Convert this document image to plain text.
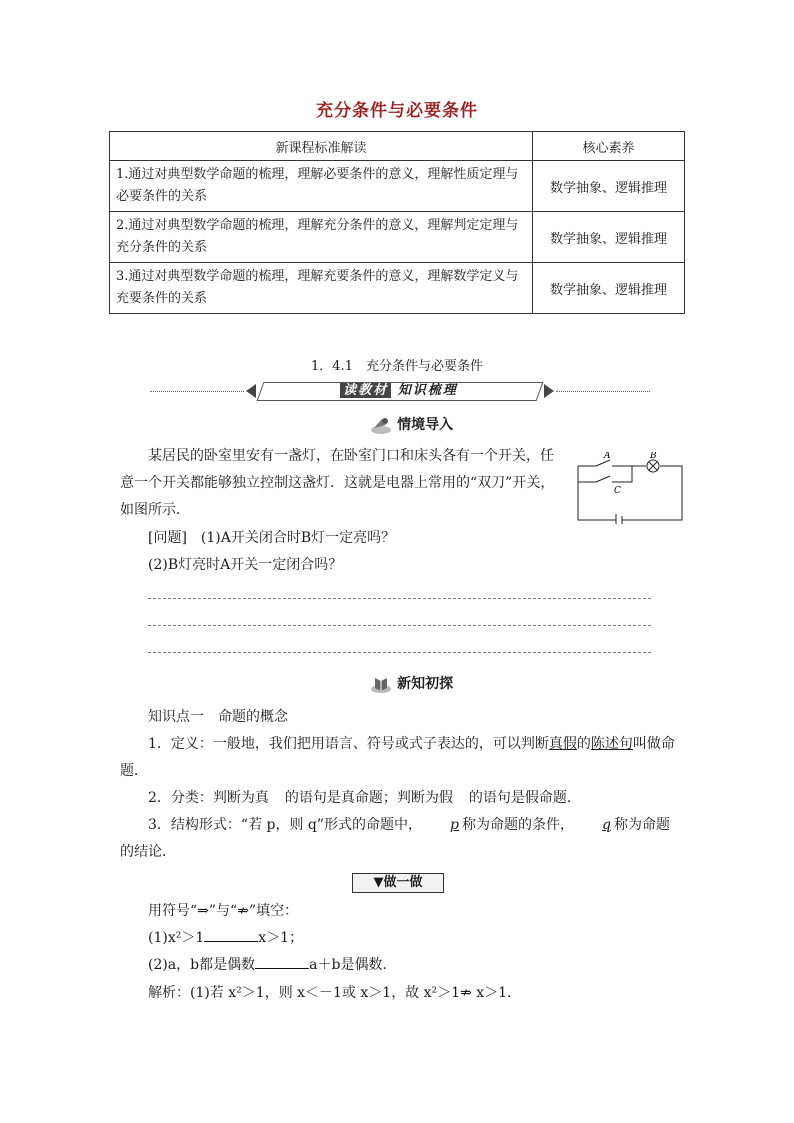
充分条件与必要条件
新课程标准解读	核心素养
1.通过对典型数学命题的梳理，理解必要条件的意义，理解性质定理与必要条件的关系	数学抽象、逻辑推理
2.通过对典型数学命题的梳理，理解充分条件的意义，理解判定定理与充分条件的关系	数学抽象、逻辑推理
3.通过对典型数学命题的梳理，理解充要条件的意义，理解数学定义与充要条件的关系	数学抽象、逻辑推理
1．4.1　充分条件与必要条件
读教材 知识梳理
情境导入

某居民的卧室里安有一盏灯，在卧室门口和床头各有一个开关，任意一个开关都能够独立控制这盏灯．这就是电器上常用的“双刀”开关，如图所示．

A	B
C

[问题]　(1)A开关闭合时B灯一定亮吗？

(2)B灯亮时A开关一定闭合吗？

新知初探

知识点一　命题的概念

1．定义：一般地，我们把用语言、符号或式子表达的，可以判断真假的陈述句叫做命题．

2．分类：判断为真 的语句是真命题；判断为假 的语句是假命题．

3．结构形式：“若 p，则 q”形式的命题中， p 称为命题的条件， q 称为命题的结论．

▼做一做

用符号“⇒”与“⇏”填空：

(1)x²＞1	x＞1；

(2)a，b都是偶数	a＋b是偶数．

解析：(1)若 x²＞1，则 x＜－1或 x＞1，故 x²＞1⇏ x＞1.
